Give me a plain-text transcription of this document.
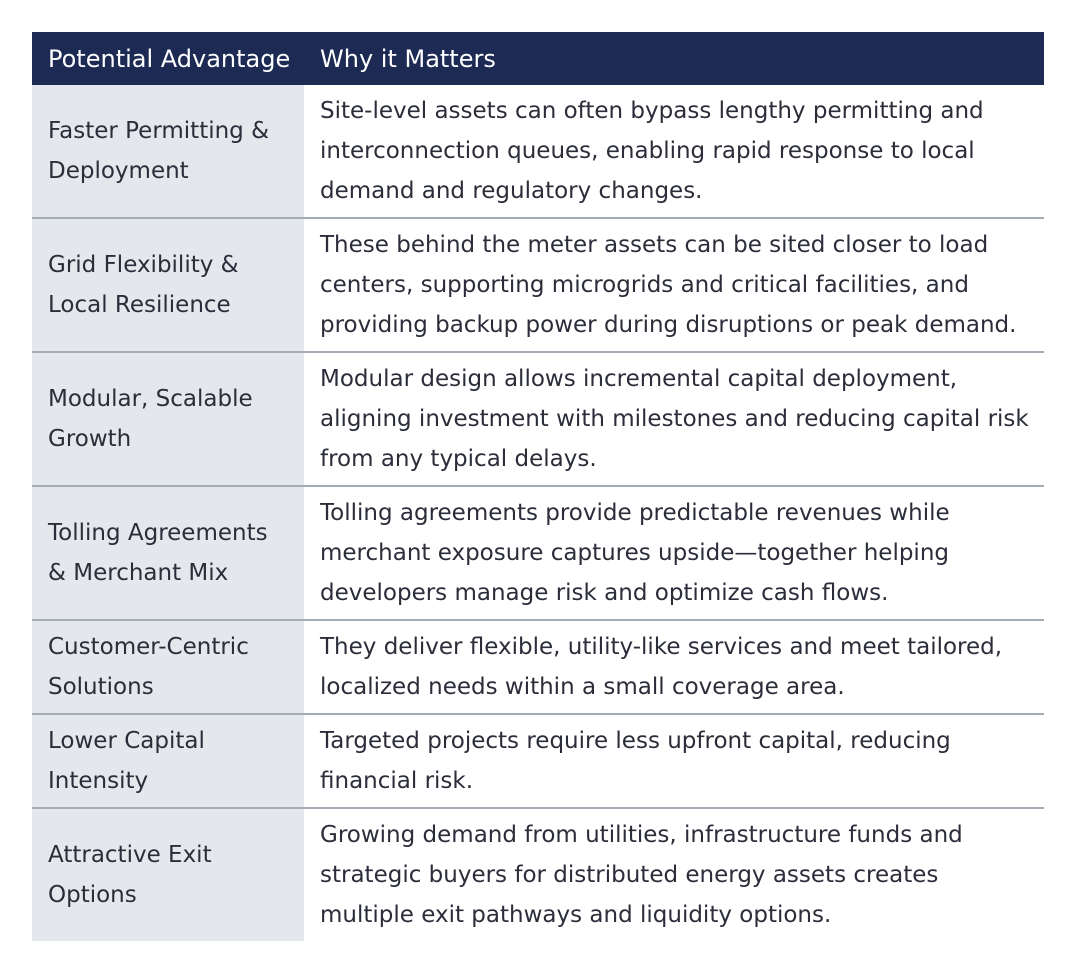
Potential Advantage	Why it Matters
Faster Permitting & Deployment
Site-level assets can often bypass lengthy permitting and interconnection queues, enabling rapid response to local demand and regulatory changes.
Grid Flexibility & Local Resilience
These behind the meter assets can be sited closer to load centers, supporting microgrids and critical facilities, and providing backup power during disruptions or peak demand.
Modular, Scalable Growth
Modular design allows incremental capital deployment, aligning investment with milestones and reducing capital risk from any typical delays.
Tolling Agreements & Merchant Mix
Tolling agreements provide predictable revenues while merchant exposure captures upside—together helping developers manage risk and optimize cash flows.
Customer-Centric Solutions
They deliver flexible, utility-like services and meet tailored, localized needs within a small coverage area.
Lower Capital Intensity
Targeted projects require less upfront capital, reducing financial risk.
Attractive Exit Options
Growing demand from utilities, infrastructure funds and strategic buyers for distributed energy assets creates multiple exit pathways and liquidity options.
